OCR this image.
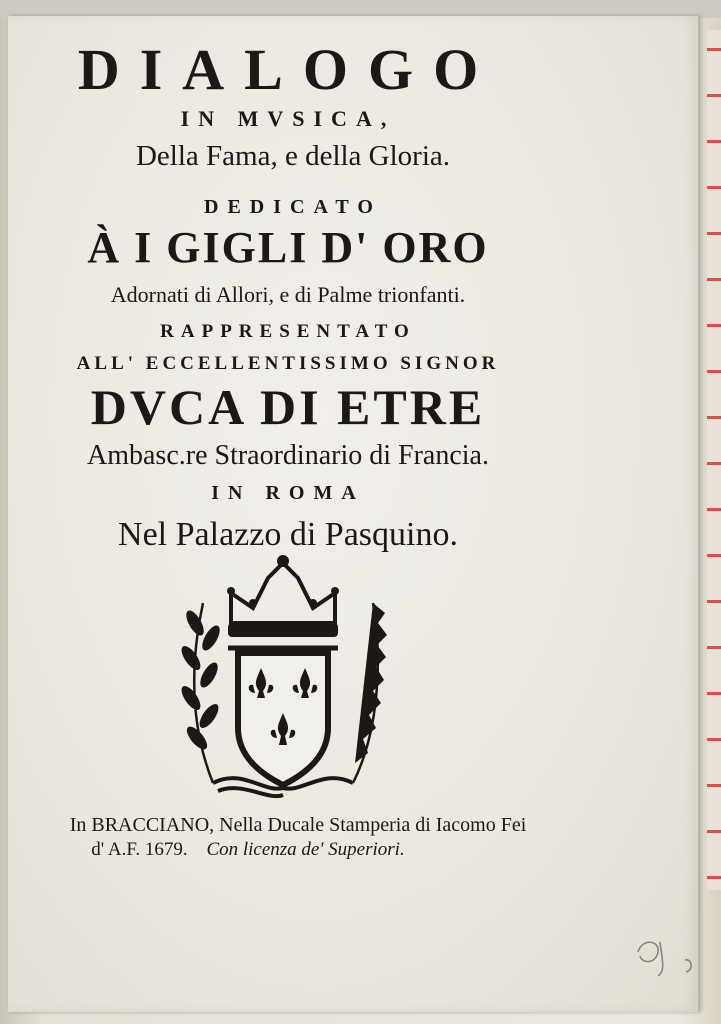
DIALOGO
IN MVSICA,
Della Fama, e della Gloria.
DEDICATO
À I GIGLI D' ORO
Adornati di Allori, e di Palme trionfanti.
RAPPRESENTATO
ALL' ECCELLENTISSIMO SIGNOR
DVCA DI ETRE
Ambasc.re Straordinario di Francia.
IN ROMA
Nel Palazzo di Pasquino.
In BRACCIANO, Nella Ducale Stamperia di Iacomo Fei
d' A.F. 1679. Con licenza de' Superiori.
